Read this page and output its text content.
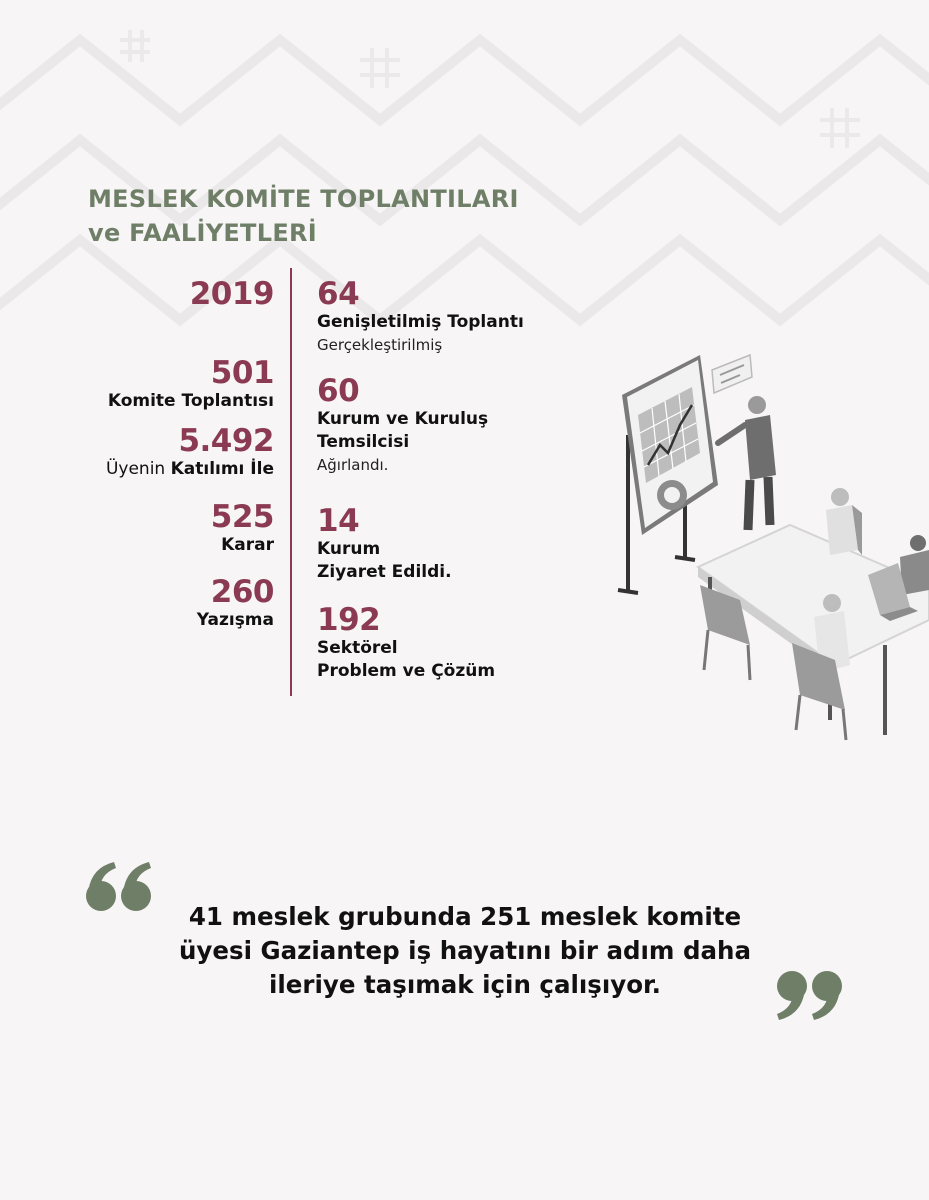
MESLEK KOMİTE TOPLANTILARI
ve FAALİYETLERİ
2019
501
Komite Toplantısı
5.492
Üyenin Katılımı İle
525
Karar
260
Yazışma
64
Genişletilmiş Toplantı
Gerçekleştirilmiş
60
Kurum ve Kuruluş
Temsilcisi
Ağırlandı.
14
Kurum
Ziyaret Edildi.
192
Sektörel
Problem ve Çözüm

41 meslek grubunda 251 meslek komite
üyesi Gaziantep iş hayatını bir adım daha
ileriye taşımak için çalışıyor.
